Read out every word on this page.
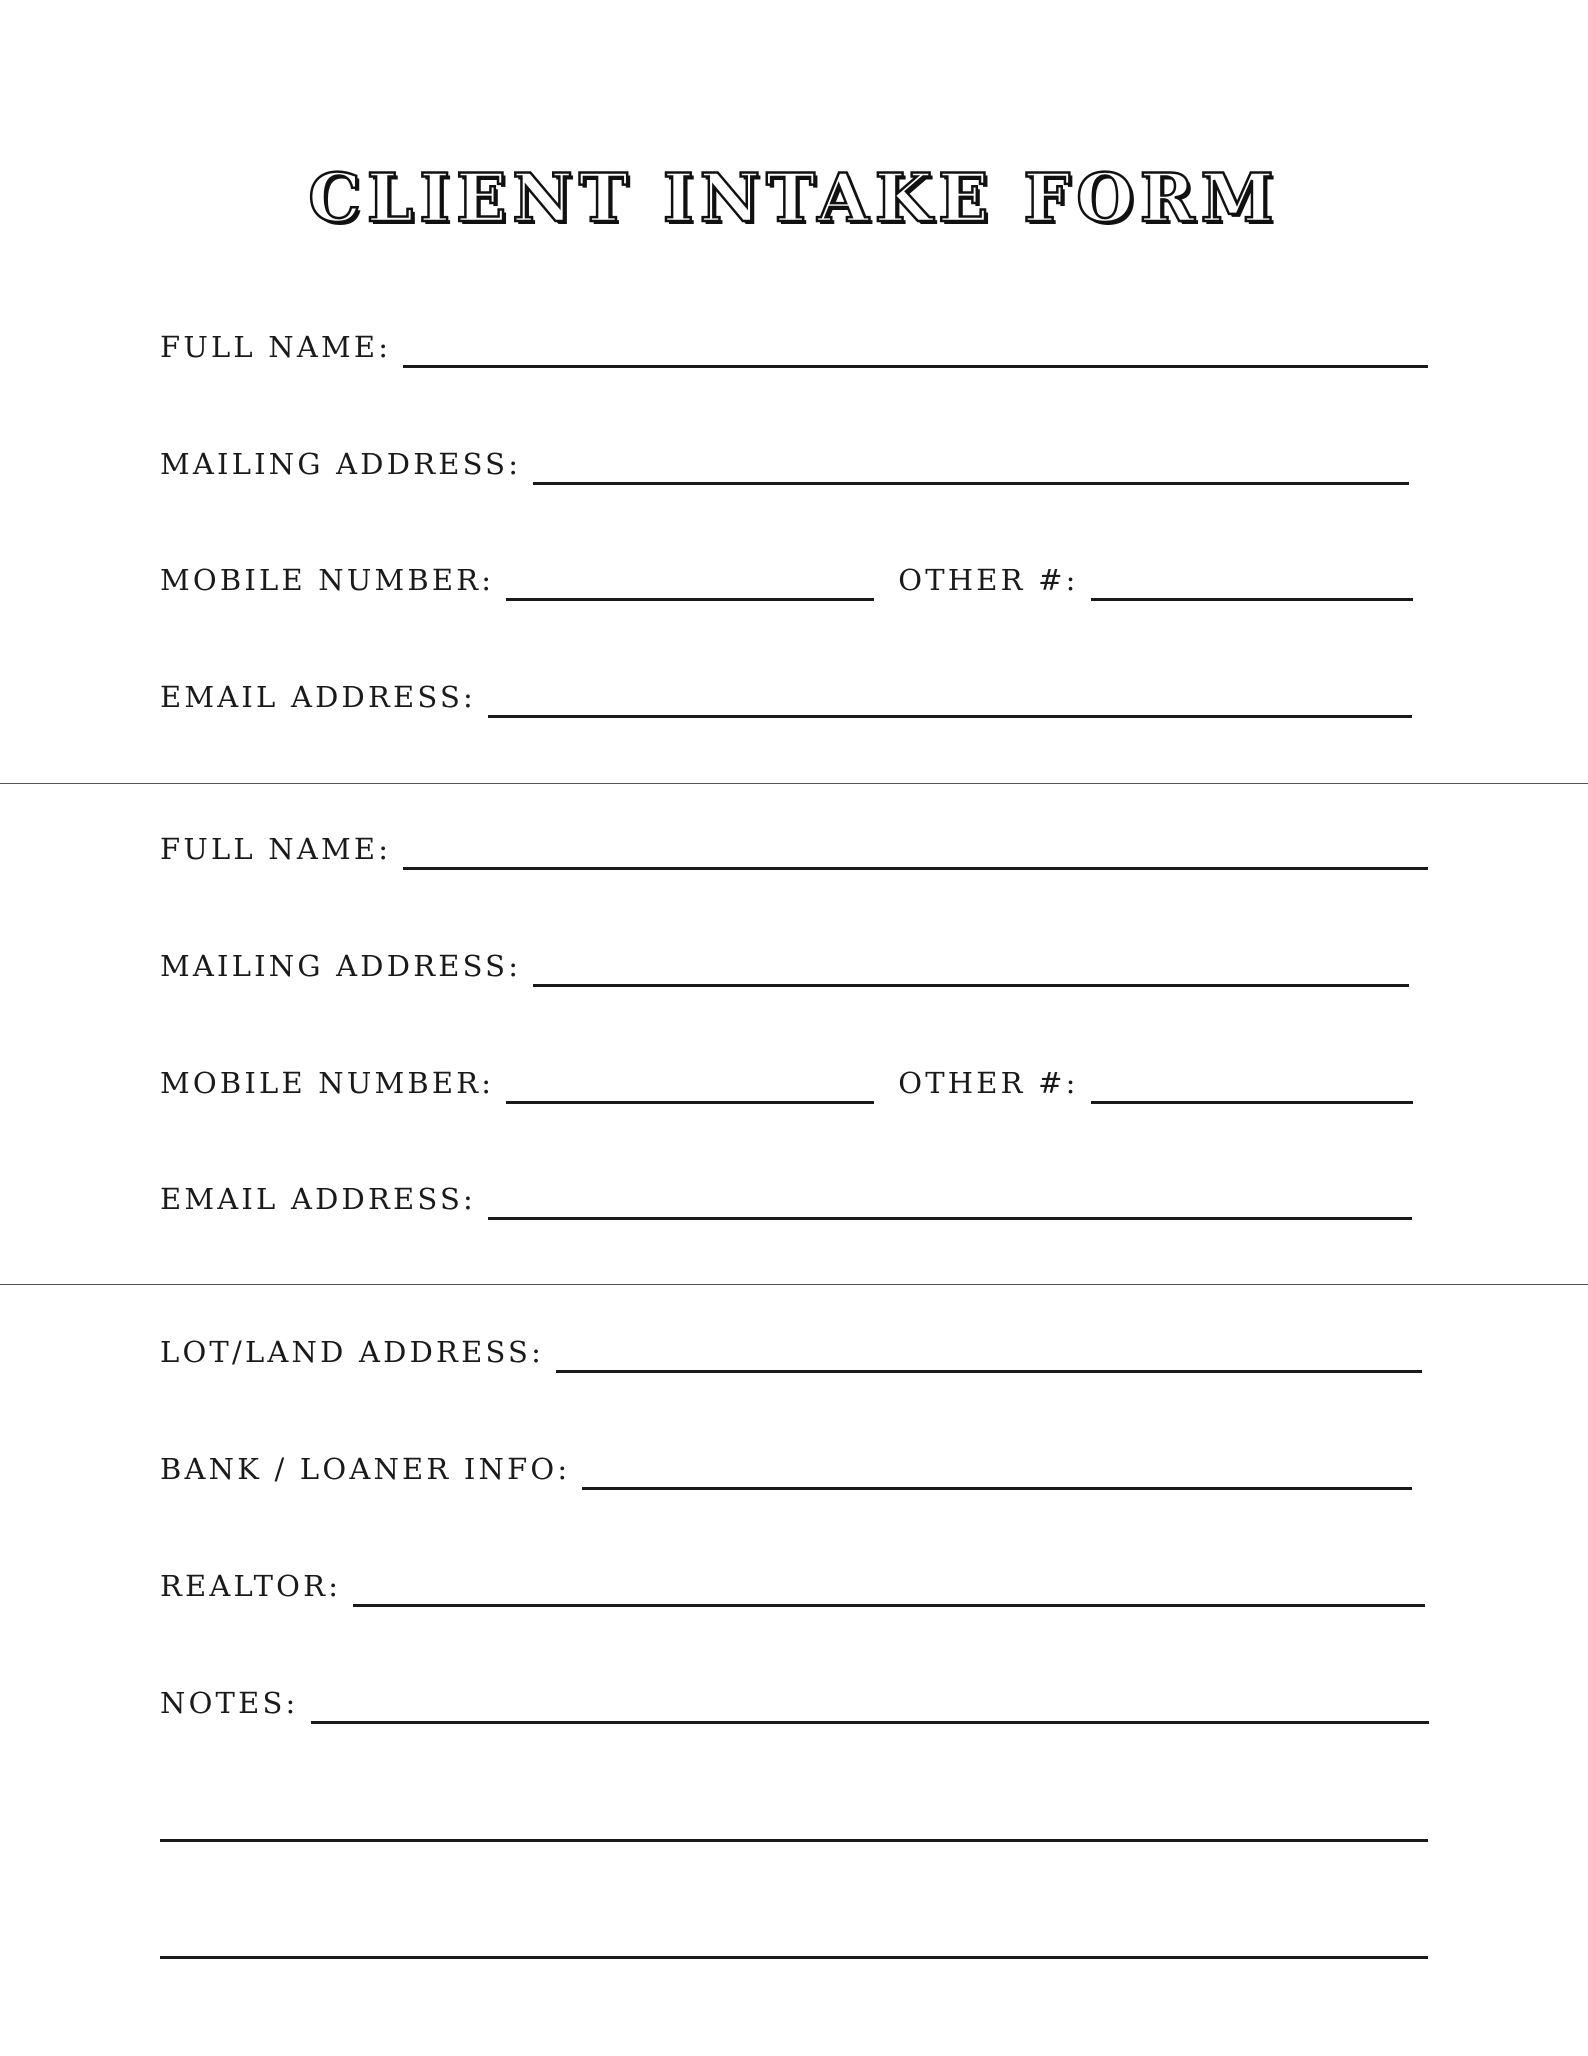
CLIENT INTAKE FORM
FULL NAME:
MAILING ADDRESS:
MOBILE NUMBER:	OTHER #:
EMAIL ADDRESS:
FULL NAME:
MAILING ADDRESS:
MOBILE NUMBER:	OTHER #:
EMAIL ADDRESS:
LOT/LAND ADDRESS:
BANK / LOANER INFO:
REALTOR:
NOTES:
